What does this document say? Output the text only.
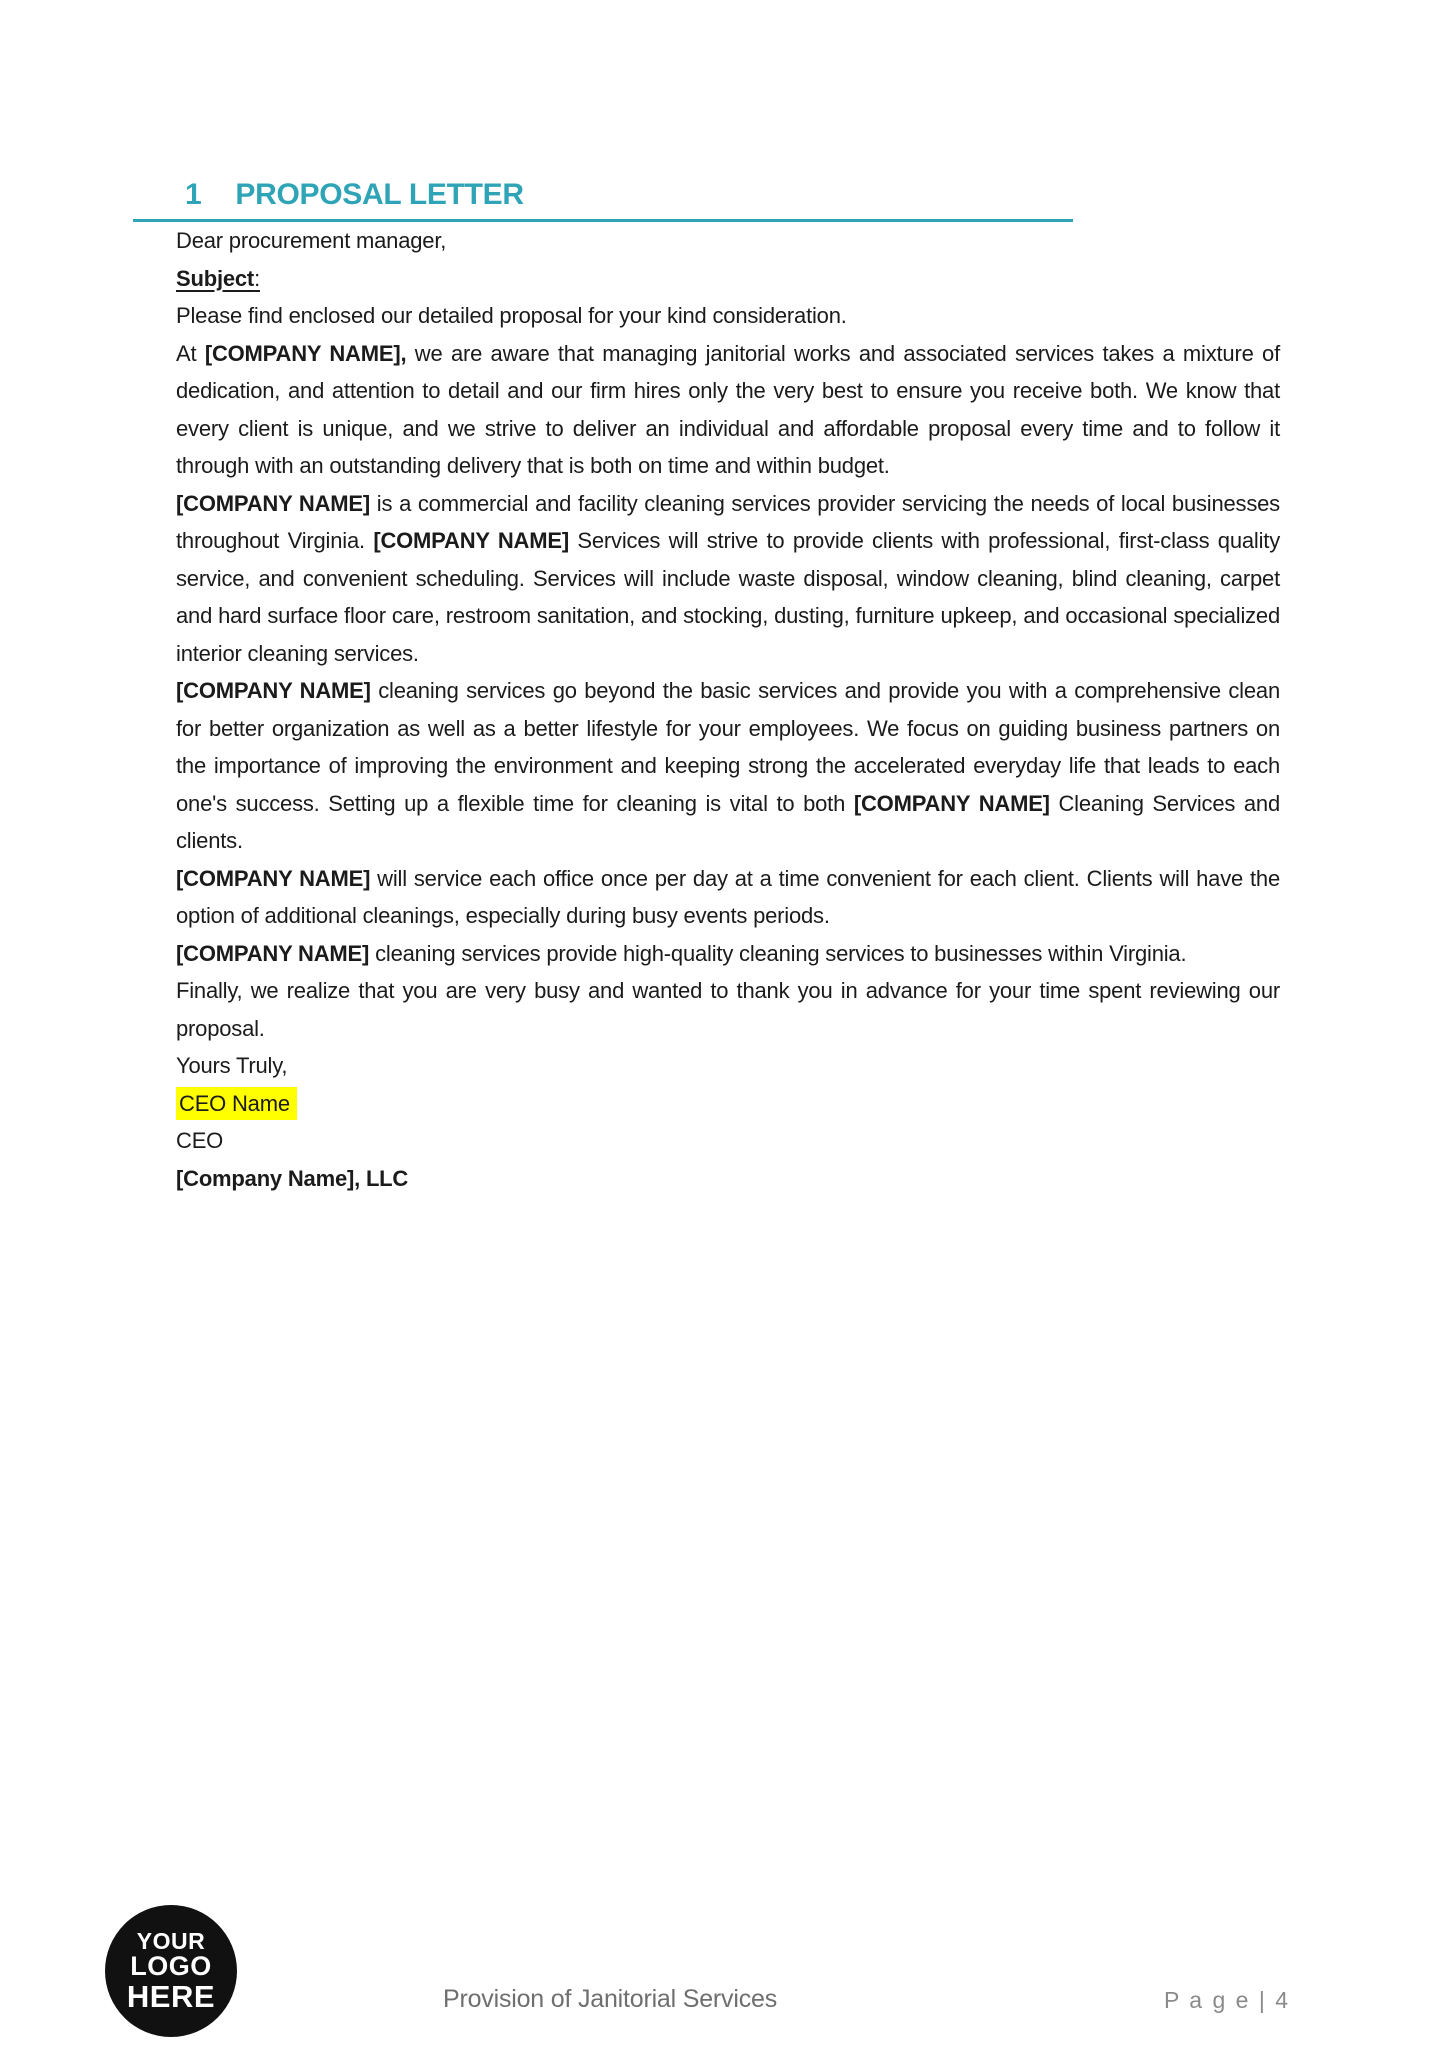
1 PROPOSAL LETTER

Dear procurement manager,

Subject:

Please find enclosed our detailed proposal for your kind consideration.

At [COMPANY NAME], we are aware that managing janitorial works and associated services takes a mixture of dedication, and attention to detail and our firm hires only the very best to ensure you receive both. We know that every client is unique, and we strive to deliver an individual and affordable proposal every time and to follow it through with an outstanding delivery that is both on time and within budget.

[COMPANY NAME] is a commercial and facility cleaning services provider servicing the needs of local businesses throughout Virginia. [COMPANY NAME] Services will strive to provide clients with professional, first-class quality service, and convenient scheduling. Services will include waste disposal, window cleaning, blind cleaning, carpet and hard surface floor care, restroom sanitation, and stocking, dusting, furniture upkeep, and occasional specialized interior cleaning services.

[COMPANY NAME] cleaning services go beyond the basic services and provide you with a comprehensive clean for better organization as well as a better lifestyle for your employees. We focus on guiding business partners on the importance of improving the environment and keeping strong the accelerated everyday life that leads to each one's success. Setting up a flexible time for cleaning is vital to both [COMPANY NAME] Cleaning Services and clients.

[COMPANY NAME] will service each office once per day at a time convenient for each client. Clients will have the option of additional cleanings, especially during busy events periods.

[COMPANY NAME] cleaning services provide high-quality cleaning services to businesses within Virginia.

Finally, we realize that you are very busy and wanted to thank you in advance for your time spent reviewing our proposal.

Yours Truly,

CEO Name

CEO

[Company Name], LLC

YOUR
LOGO
HERE	Provision of Janitorial Services	P a g e | 4
